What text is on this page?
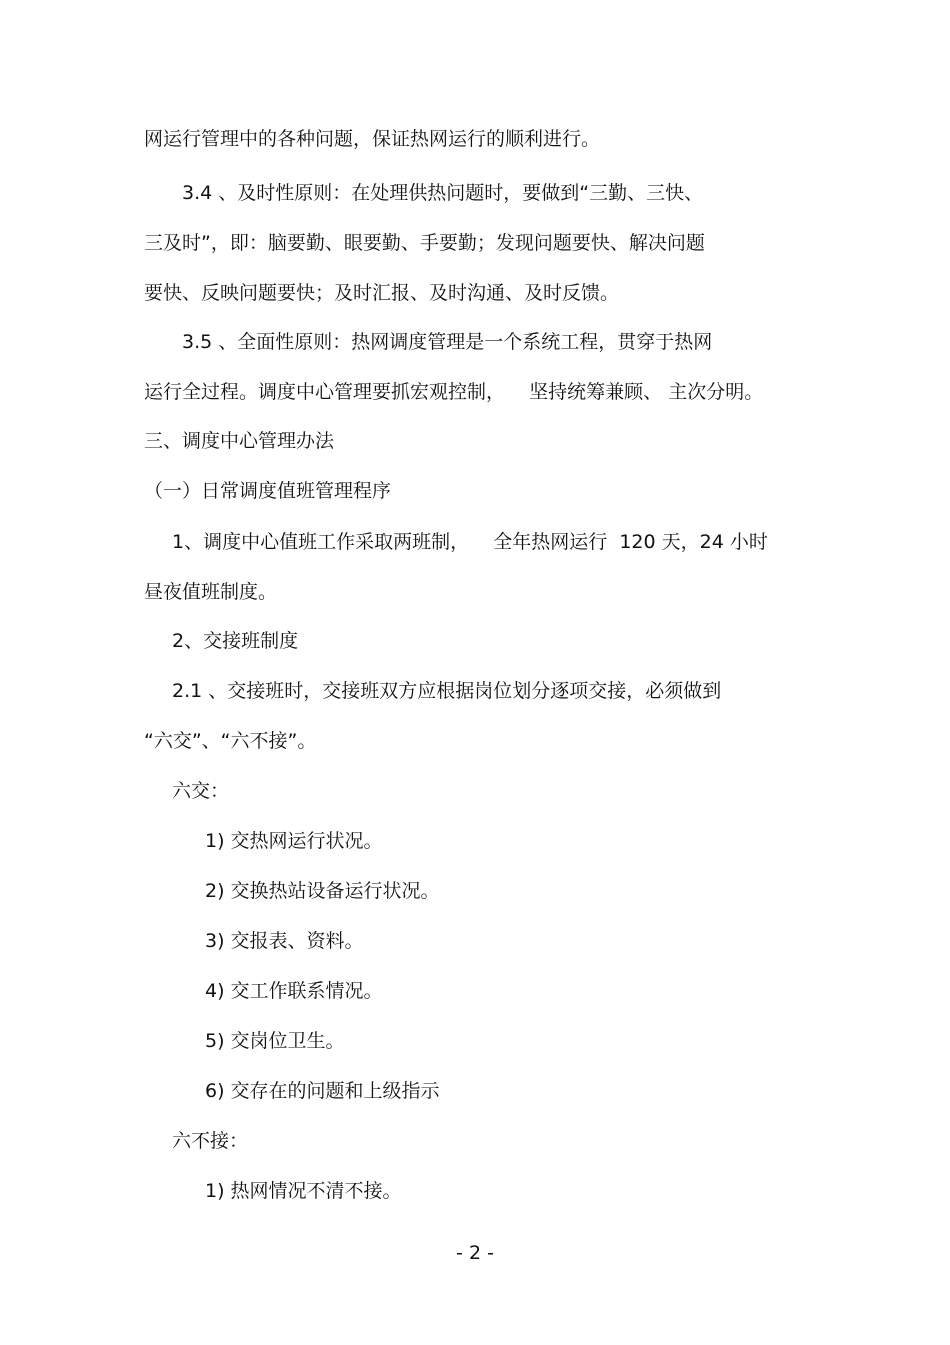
网运行管理中的各种问题，保证热网运行的顺利进行。
3.4 、及时性原则：在处理供热问题时，要做到“三勤、三快、
三及时”，即：脑要勤、眼要勤、手要勤；发现问题要快、解决问题
要快、反映问题要快；及时汇报、及时沟通、及时反馈。
3.5 、全面性原则：热网调度管理是一个系统工程，贯穿于热网
运行全过程。调度中心管理要抓宏观控制，    坚持统筹兼顾、 主次分明。
三、调度中心管理办法
（一）日常调度值班管理程序
1、调度中心值班工作采取两班制，    全年热网运行  120 天，24 小时
昼夜值班制度。
2、交接班制度
2.1 、交接班时，交接班双方应根据岗位划分逐项交接，必须做到
“六交”、“六不接”。
六交：
1) 交热网运行状况。
2) 交换热站设备运行状况。
3) 交报表、资料。
4) 交工作联系情况。
5) 交岗位卫生。
6) 交存在的问题和上级指示
六不接：
1) 热网情况不清不接。
- 2 -
